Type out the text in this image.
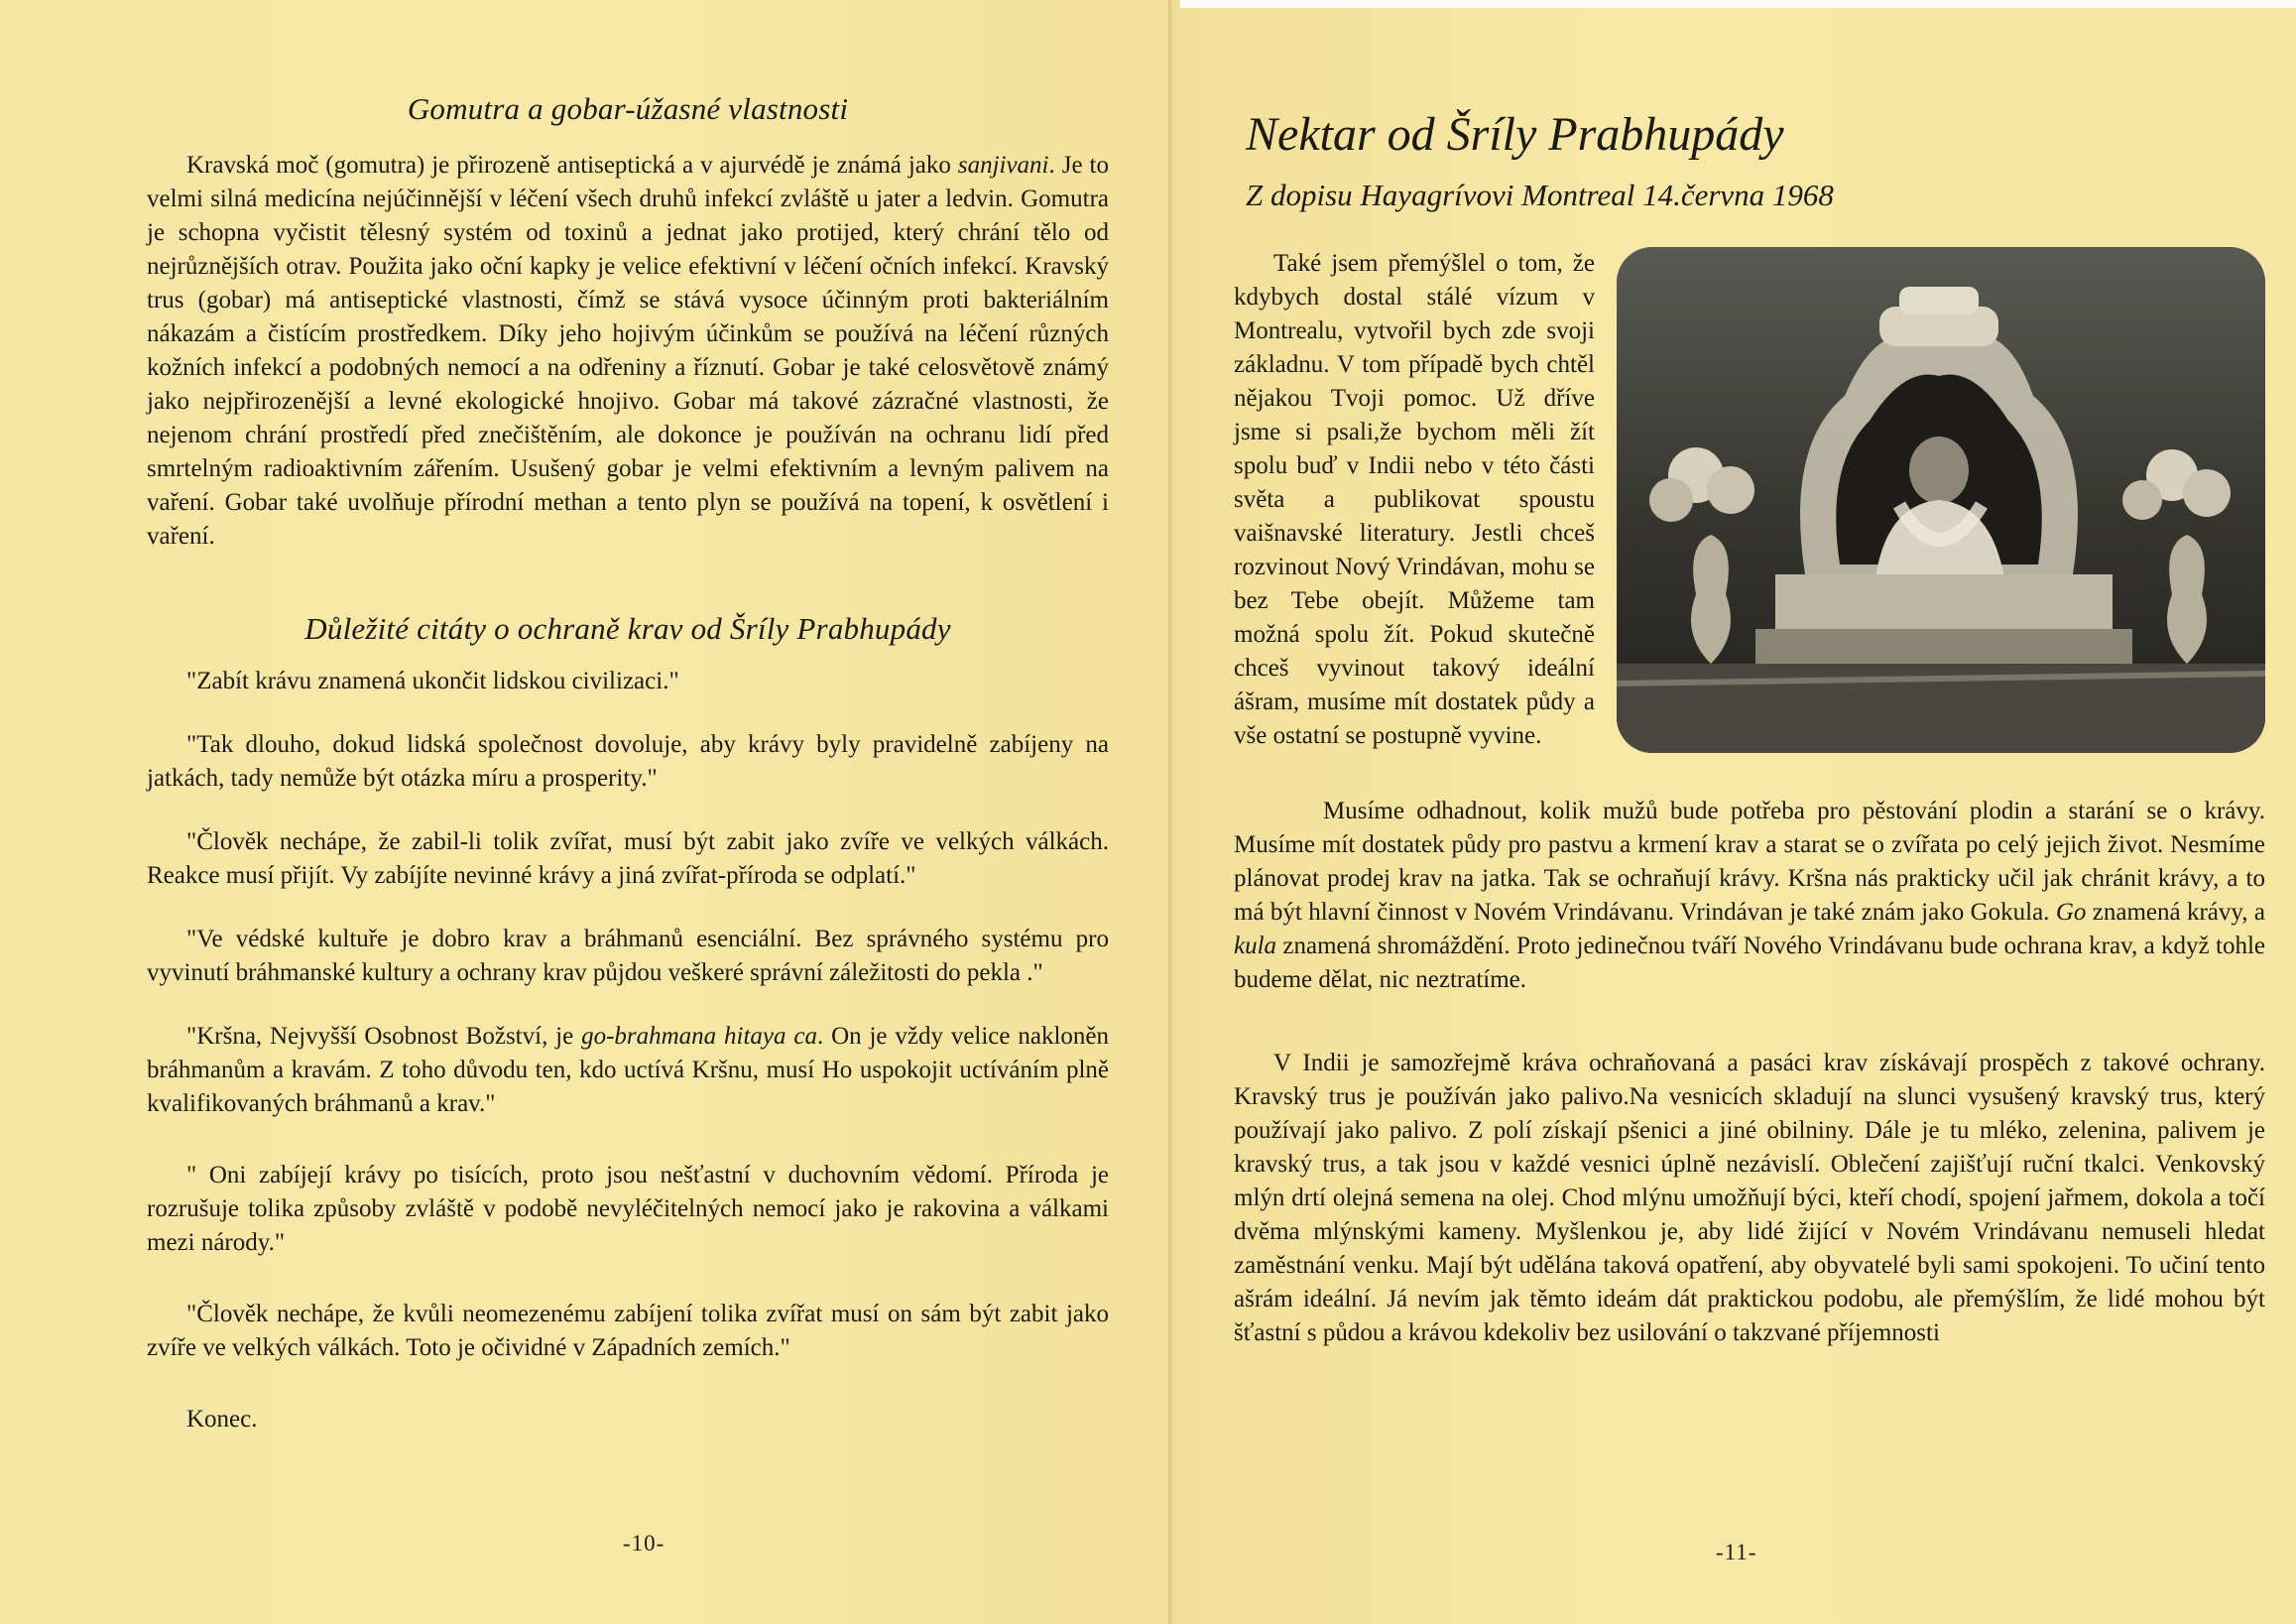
Gomutra a gobar-úžasné vlastnosti

Kravská moč (gomutra) je přirozeně antiseptická a v ajurvédě je známá jako sanjivani. Je to velmi silná medicína nejúčinnější v léčení všech druhů infekcí zvláště u jater a ledvin. Gomutra je schopna vyčistit tělesný systém od toxinů a jednat jako protijed, který chrání tělo od nejrůznějších otrav. Použita jako oční kapky je velice efektivní v léčení očních infekcí. Kravský trus (gobar) má antiseptické vlastnosti, čímž se stává vysoce účinným proti bakteriálním nákazám a čistícím prostředkem. Díky jeho hojivým účinkům se používá na léčení různých kožních infekcí a podobných nemocí a na odřeniny a říznutí. Gobar je také celosvětově známý jako nejpřirozenější a levné ekologické hnojivo. Gobar má takové zázračné vlastnosti, že nejenom chrání prostředí před znečištěním, ale dokonce je používán na ochranu lidí před smrtelným radioaktivním zářením. Usušený gobar je velmi efektivním a levným palivem na vaření. Gobar také uvolňuje přírodní methan a tento plyn se používá na topení, k osvětlení i vaření.

Důležité citáty o ochraně krav od Šríly Prabhupády

"Zabít krávu znamená ukončit lidskou civilizaci."

"Tak dlouho, dokud lidská společnost dovoluje, aby krávy byly pravidelně zabíjeny na jatkách, tady nemůže být otázka míru a prosperity."

"Člověk nechápe, že zabil-li tolik zvířat, musí být zabit jako zvíře ve velkých válkách. Reakce musí přijít. Vy zabíjíte nevinné krávy a jiná zvířat-příroda se odplatí."

"Ve védské kultuře je dobro krav a bráhmanů esenciální. Bez správného systému pro vyvinutí bráhmanské kultury a ochrany krav půjdou veškeré správní záležitosti do pekla ."

"Kršna, Nejvyšší Osobnost Božství, je go-brahmana hitaya ca. On je vždy velice nakloněn bráhmanům a kravám. Z toho důvodu ten, kdo uctívá Kršnu, musí Ho uspokojit uctíváním plně kvalifikovaných bráhmanů a krav."

" Oni zabíjejí krávy po tisících, proto jsou nešťastní v duchovním vědomí. Příroda je rozrušuje tolika způsoby zvláště v podobě nevyléčitelných nemocí jako je rakovina a válkami mezi národy."

"Člověk nechápe, že kvůli neomezenému zabíjení tolika zvířat musí on sám být zabit jako zvíře ve velkých válkách. Toto je očividné v Západních zemích."

Konec.

-10-
Nektar od Šríly Prabhupády
Z dopisu Hayagrívovi Montreal 14.června 1968

Také jsem přemýšlel o tom, že kdybych dostal stálé vízum v Montrealu, vytvořil bych zde svoji základnu. V tom případě bych chtěl nějakou Tvoji pomoc. Už dříve jsme si psali,že bychom měli žít spolu buď v Indii nebo v této části světa a publikovat spoustu vaišnavské literatury. Jestli chceš rozvinout Nový Vrindávan, mohu se bez Tebe obejít. Můžeme tam možná spolu žít. Pokud skutečně chceš vyvinout takový ideální ášram, musíme mít dostatek půdy a vše ostatní se postupně vyvine.

Musíme odhadnout, kolik mužů bude potřeba pro pěstování plodin a starání se o krávy. Musíme mít dostatek půdy pro pastvu a krmení krav a starat se o zvířata po celý jejich život. Nesmíme plánovat prodej krav na jatka. Tak se ochraňují krávy. Kršna nás prakticky učil jak chránit krávy, a to má být hlavní činnost v Novém Vrindávanu. Vrindávan je také znám jako Gokula. Go znamená krávy, a kula znamená shromáždění. Proto jedinečnou tváří Nového Vrindávanu bude ochrana krav, a když tohle budeme dělat, nic neztratíme.

V Indii je samozřejmě kráva ochraňovaná a pasáci krav získávají prospěch z takové ochrany. Kravský trus je používán jako palivo.Na vesnicích skladují na slunci vysušený kravský trus, který používají jako palivo. Z polí získají pšenici a jiné obilniny. Dále je tu mléko, zelenina, palivem je kravský trus, a tak jsou v každé vesnici úplně nezávislí. Oblečení zajišťují ruční tkalci. Venkovský mlýn drtí olejná semena na olej. Chod mlýnu umožňují býci, kteří chodí, spojení jařmem, dokola a točí dvěma mlýnskými kameny. Myšlenkou je, aby lidé žijící v Novém Vrindávanu nemuseli hledat zaměstnání venku. Mají být udělána taková opatření, aby obyvatelé byli sami spokojeni. To učiní tento ašrám ideální. Já nevím jak těmto ideám dát praktickou podobu, ale přemýšlím, že lidé mohou být šťastní s půdou a krávou kdekoliv bez usilování o takzvané příjemnosti

-11-
